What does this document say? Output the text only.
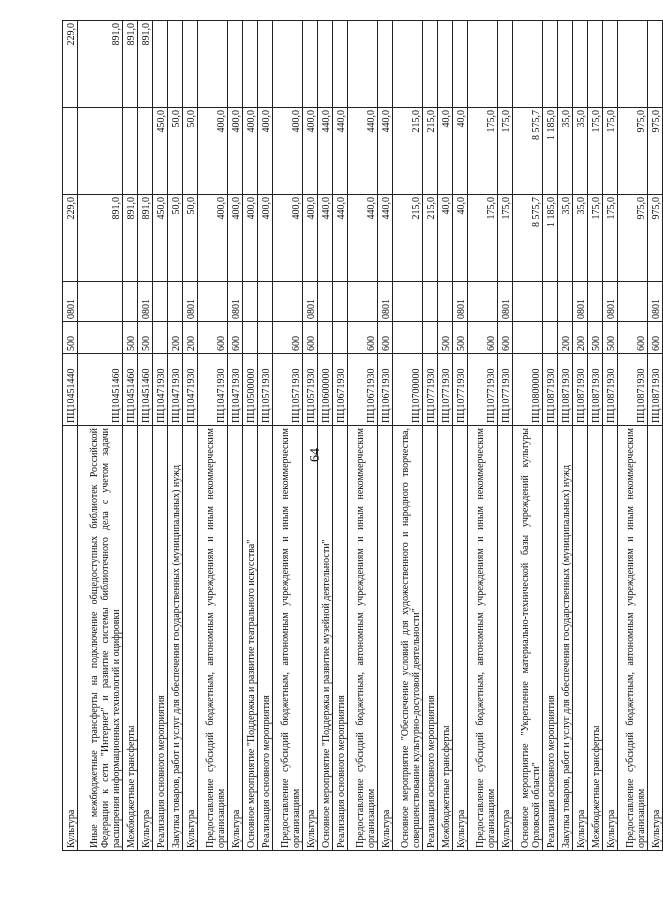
64
Культура	ПЦ10451440	500	0801	229,0		229,0
Иные межбюджетные трансферты на подключение общедоступных библиотек Российской Федерации к сети "Интернет" и развитие системы библиотечного дела с учетом задачи расширения информационных технологий и оцифровки	ПЦ10451460			891,0		891,0
Межбюджетные трансферты	ПЦ10451460	500		891,0		891,0
Культура	ПЦ10451460	500	0801	891,0		891,0
Реализация основного мероприятия	ПЦ10471930			450,0	450,0	
Закупка товаров, работ и услуг для обеспечения государственных (муниципальных) нужд	ПЦ10471930	200		50,0	50,0	
Культура	ПЦ10471930	200	0801	50,0	50,0	
Предоставление субсидий бюджетным, автономным учреждениям и иным некоммерческим организациям	ПЦ10471930	600		400,0	400,0	
Культура	ПЦ10471930	600	0801	400,0	400,0	
Основное мероприятие "Поддержка и развитие театрального искусства"	ПЦ10500000			400,0	400,0	
Реализация основного мероприятия	ПЦ10571930			400,0	400,0	
Предоставление субсидий бюджетным, автономным учреждениям и иным некоммерческим организациям	ПЦ10571930	600		400,0	400,0	
Культура	ПЦ10571930	600	0801	400,0	400,0	
Основное мероприятие "Поддержка и развитие музейной деятельности"	ПЦ10600000			440,0	440,0	
Реализация основного мероприятия	ПЦ10671930			440,0	440,0	
Предоставление субсидий бюджетным, автономным учреждениям и иным некоммерческим организациям	ПЦ10671930	600		440,0	440,0	
Культура	ПЦ10671930	600	0801	440,0	440,0	
Основное мероприятие "Обеспечение условий для художественного и народного творчества, совершенствование культурно-досуговой деятельности"	ПЦ10700000			215,0	215,0	
Реализация основного мероприятия	ПЦ10771930			215,0	215,0	
Межбюджетные трансферты	ПЦ10771930	500		40,0	40,0	
Культура	ПЦ10771930	500	0801	40,0	40,0	
Предоставление субсидий бюджетным, автономным учреждениям и иным некоммерческим организациям	ПЦ10771930	600		175,0	175,0	
Культура	ПЦ10771930	600	0801	175,0	175,0	
Основное мероприятие "Укрепление материально-технической базы учреждений культуры Орловской области"	ПЦ10800000			8 575,7	8 575,7	
Реализация основного мероприятия	ПЦ10871930			1 185,0	1 185,0	
Закупка товаров, работ и услуг для обеспечения государственных (муниципальных) нужд	ПЦ10871930	200		35,0	35,0	
Культура	ПЦ10871930	200	0801	35,0	35,0	
Межбюджетные трансферты	ПЦ10871930	500		175,0	175,0	
Культура	ПЦ10871930	500	0801	175,0	175,0	
Предоставление субсидий бюджетным, автономным учреждениям и иным некоммерческим организациям	ПЦ10871930	600		975,0	975,0	
Культура	ПЦ10871930	600	0801	975,0	975,0	
